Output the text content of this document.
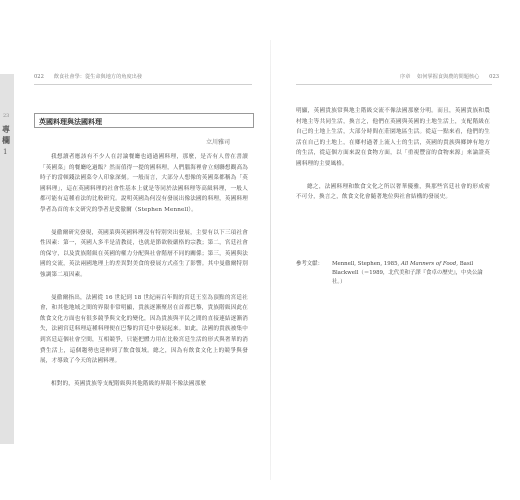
23
專
欄
1
022 飲食社會學：從生命與地方的角度出發	序章 如何掌握食與農的問題核心 023
英國料理與法國料理
立川雅司

我想讀者應該有不少人在討論餐廳也通過國料理，那麼，是否有人曾在書讀「英國菜」的餐廳吃過飯？然而值得一提的國料理，人們腦海裡會立刻聯想觀高為時子的當頓錢法國菜令人印象深刻。一般而言，大部分人想像的英國菜都稱為「英國料理」，這在英國料理的社會性基本上就是等同於法國料理等高級料理，一般人都可能有這種看法的比較研究。說明英國為何沒有發展出像法國的料理，英國料理學者為首的本文研究的學者是愛徹爾（Stephen Mennell）。

曼徹爾研究發現，英國菜與英國料理沒有特別突出發展，主要有以下三項社會性因素：第一，英國人多半是清教徒，也就是節欲較嚴格的宗教；第二，宮廷社會的保守，以及貴族階級在英國的權力分配與社會階層不同的關係；第三，英國與法國的交流，英法兩國地理上的差異對美食的發展方式產生了影響。其中曼徹爾特別強調第二項因素。

曼徹爾指出，法國從 16 世紀到 18 世紀兩百年間的宮廷王室為頂點的宮廷社會，和其他地域之間的界限非常明顯，貴族逐漸聚居在首都巴黎，貴族階級因此在飲食文化方面也有很多競爭與文化的變化，因為貴族與平民之間的直接連結逐漸消失，法國宮廷料理這種料理便在巴黎的宮廷中發展起來。如此，法國的貴族被集中到宮廷這個社會空間，互相競爭，只能把體力用在比較宮廷生活的形式與奢華的消費生活上，這個趨勢也延伸到了飲食領域。總之，因為有飲食文化上的競爭與發展，才導致了今天的法國料理。

相對的，英國貴族等支配階級與其他階級的界限不像法國那麼

明顯，英國貴族常與地主階級交流不像法國那麼分明。而且，英國貴族和農村地主等共同生活，換言之，他們在英國與英國的土地生活上，支配階級在自己的土地上生活，大部分時間在莊園地區生活。從這一點來看，他們的生活在自己的土地上，在鄉村過著上流人士的生活，英國的貴族與鄉紳有地方的生活，從這個方面來說在食物方面，以「重視豐富的食物來源」來論證英國料理的主要風格。

總之，法國料理和飲食文化之所以奢華優雅，與那些宮廷社會的形成密不可分，換言之，飲食文化會隨著地位與社會結構的發展史。

參考文獻： Mennell, Stephen, 1985, All Manners of Food, Basil Blackwell（＝1989，北代美和子譯『食卓の歷史』，中央公論社。）
